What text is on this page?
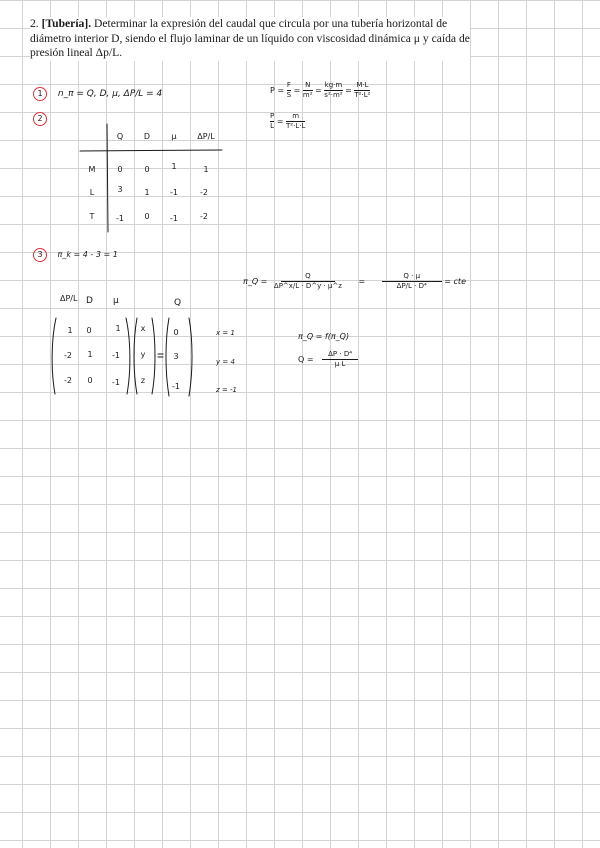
2. [Tubería]. Determinar la expresión del caudal que circula por una tubería horizontal de diámetro interior D, siendo el flujo laminar de un líquido con viscosidad dinámica μ y caída de presión lineal Δp/L.
1 n_π = Q, D, μ, ΔP/L = 4	$P = \frac{F}{S} = \frac{N}{\text{m²}} = \frac{kg\cdot m}{\text{s²·m²}} = \frac{M\cdot L}{\text{T²·L²}}$
2	$\frac{P}{L} = \frac{m}{\text{T²·L·L}}$
Q	D	μ	ΔP/L
M	0	0	1	1
L	3	1	-1	-2
T	-1	0	-1	-2
3 π_k = 4 - 3 = 1
π_Q = $\frac{Q}{\Delta P\^{}x/L \cdot D\^{}y \cdot \mu\^{}z} = \frac{Q \cdot \mu}{\text{ΔP/L · D⁴}}$ = cte
ΔP/L D μ	Q
1	0	1
-2	1	-1
-2	0	-1
x
y
z
0
3
-1
x = 1
y = 4
z = -1
π_Q = f(π_Q)
$Q = \frac{\text{ΔP · D⁴}}{\text{μ L}}$
